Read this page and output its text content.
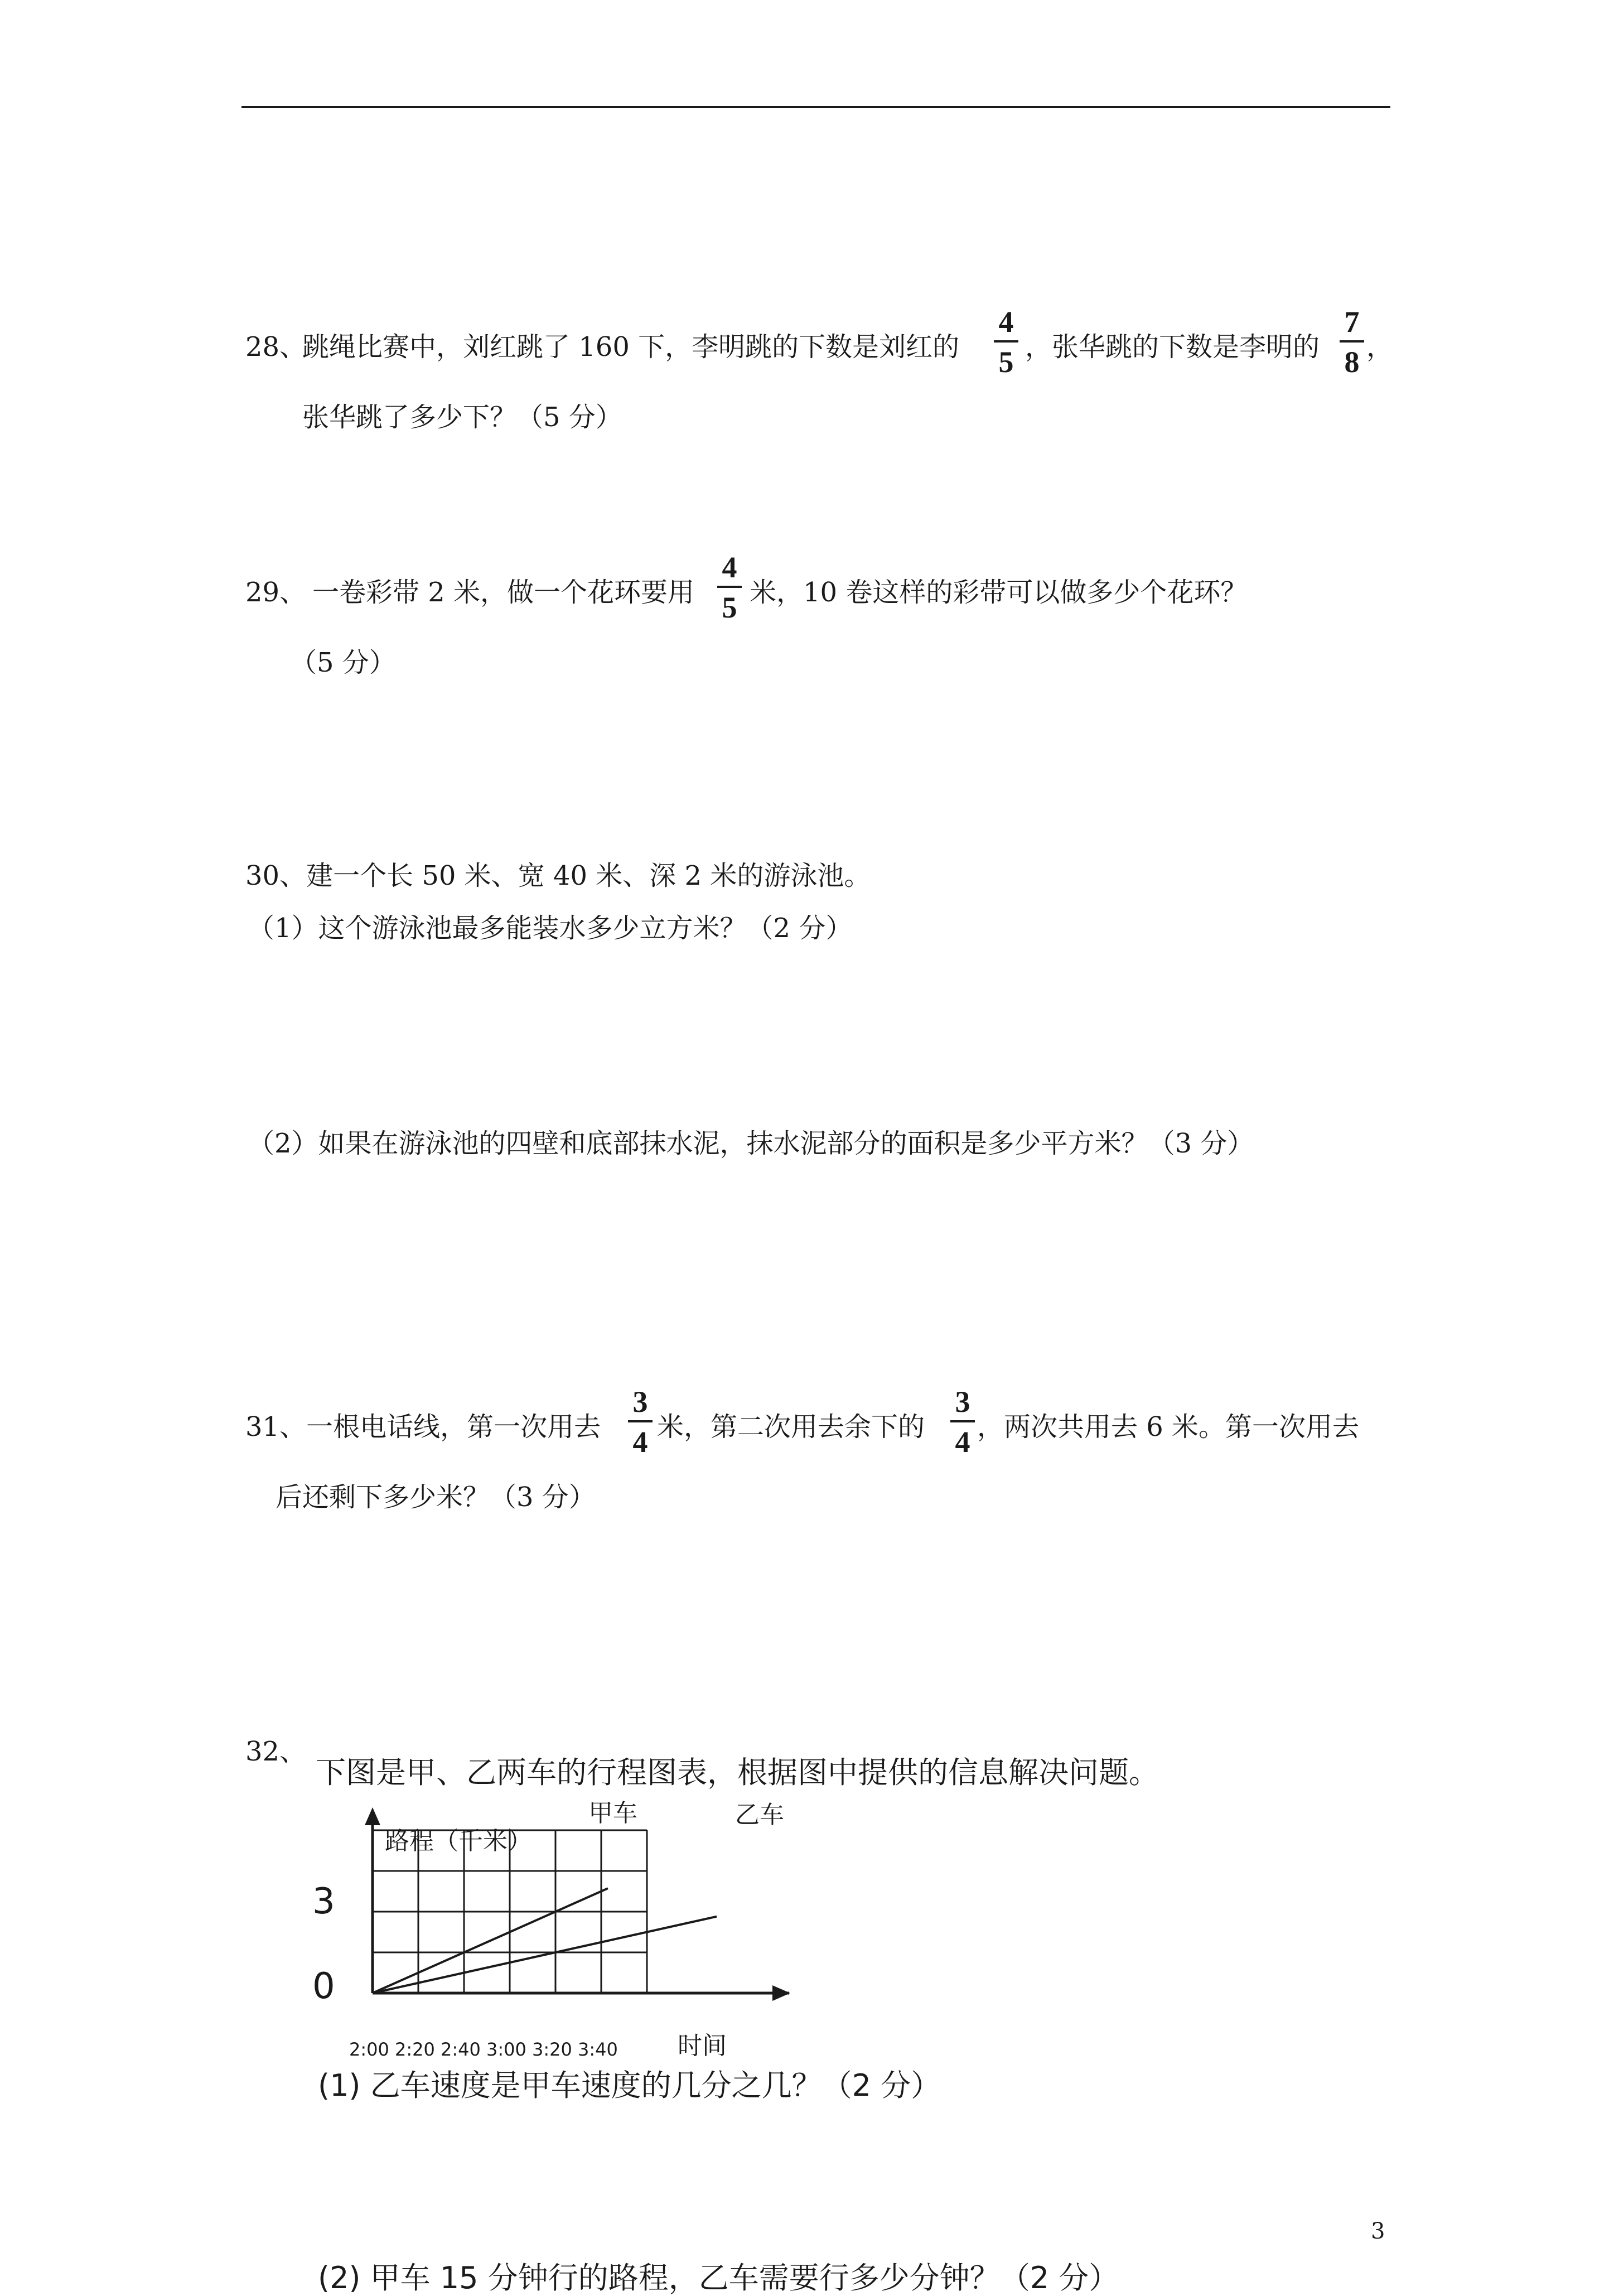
28、
跳绳比赛中，刘红跳了 160 下，李明跳的下数是刘红的
4
5 ，张华跳的下数是李明的
7
8 ，
张华跳了多少下？（5 分）
29、 一卷彩带 2 米，做一个花环要用
4
5 米，10 卷这样的彩带可以做多少个花环？
（5 分）
30、建一个长 50 米、宽 40 米、深 2 米的游泳池。
（1）这个游泳池最多能装水多少立方米？（2 分）
（2）如果在游泳池的四壁和底部抹水泥，抹水泥部分的面积是多少平方米？（3 分）
31、一根电话线，第一次用去
3
4 米，第二次用去余下的
3
4 ，两次共用去 6 米。第一次用去
后还剩下多少米？（3 分）
32、
下图是甲、乙两车的行程图表，根据图中提供的信息解决问题。
甲车	乙车
路程（千米）
时间
2:00 2:20 2:40 3:00 3:20 3:40
0
3
(1) 乙车速度是甲车速度的几分之几？（2 分）
(2) 甲车 15 分钟行的路程，乙车需要行多少分钟？（2 分）
3
